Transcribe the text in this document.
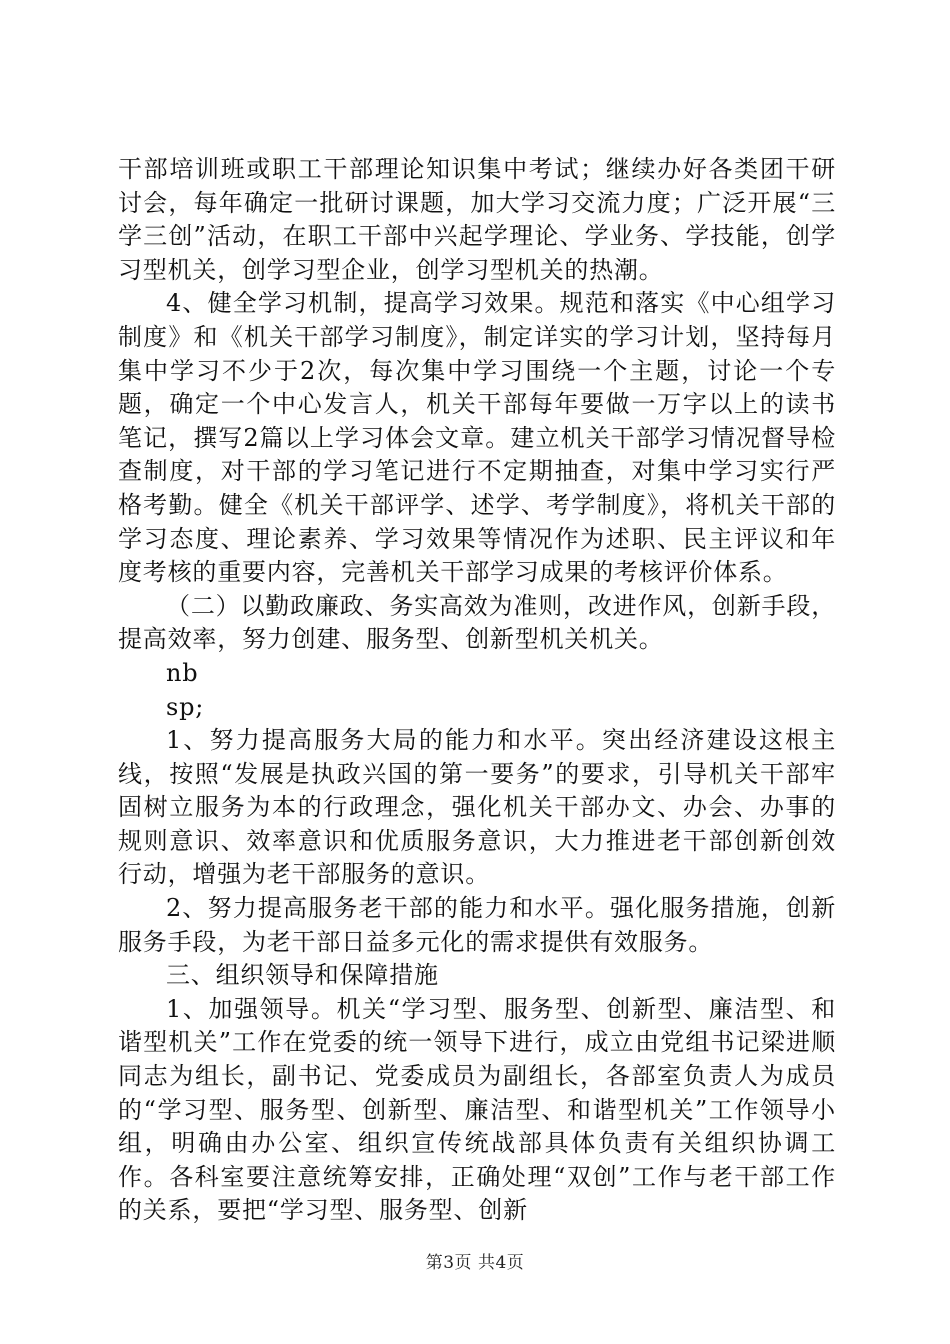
干部培训班或职工干部理论知识集中考试；继续办好各类团干研讨会，每年确定一批研讨课题，加大学习交流力度；广泛开展“三学三创”活动，在职工干部中兴起学理论、学业务、学技能，创学习型机关，创学习型企业，创学习型机关的热潮。

4、健全学习机制，提高学习效果。规范和落实《中心组学习制度》和《机关干部学习制度》，制定详实的学习计划，坚持每月集中学习不少于2次，每次集中学习围绕一个主题，讨论一个专题，确定一个中心发言人，机关干部每年要做一万字以上的读书笔记，撰写2篇以上学习体会文章。建立机关干部学习情况督导检查制度，对干部的学习笔记进行不定期抽查，对集中学习实行严格考勤。健全《机关干部评学、述学、考学制度》，将机关干部的学习态度、理论素养、学习效果等情况作为述职、民主评议和年度考核的重要内容，完善机关干部学习成果的考核评价体系。

（二）以勤政廉政、务实高效为准则，改进作风，创新手段，提高效率，努力创建、服务型、创新型机关机关。

nb

sp;

1、努力提高服务大局的能力和水平。突出经济建设这根主线，按照“发展是执政兴国的第一要务”的要求，引导机关干部牢固树立服务为本的行政理念，强化机关干部办文、办会、办事的规则意识、效率意识和优质服务意识，大力推进老干部创新创效行动，增强为老干部服务的意识。

2、努力提高服务老干部的能力和水平。强化服务措施，创新服务手段，为老干部日益多元化的需求提供有效服务。

三、组织领导和保障措施

1、加强领导。机关“学习型、服务型、创新型、廉洁型、和谐型机关”工作在党委的统一领导下进行，成立由党组书记梁进顺同志为组长，副书记、党委成员为副组长，各部室负责人为成员的“学习型、服务型、创新型、廉洁型、和谐型机关”工作领导小组，明确由办公室、组织宣传统战部具体负责有关组织协调工作。各科室要注意统筹安排，正确处理“双创”工作与老干部工作的关系，要把“学习型、服务型、创新

第3页 共4页
